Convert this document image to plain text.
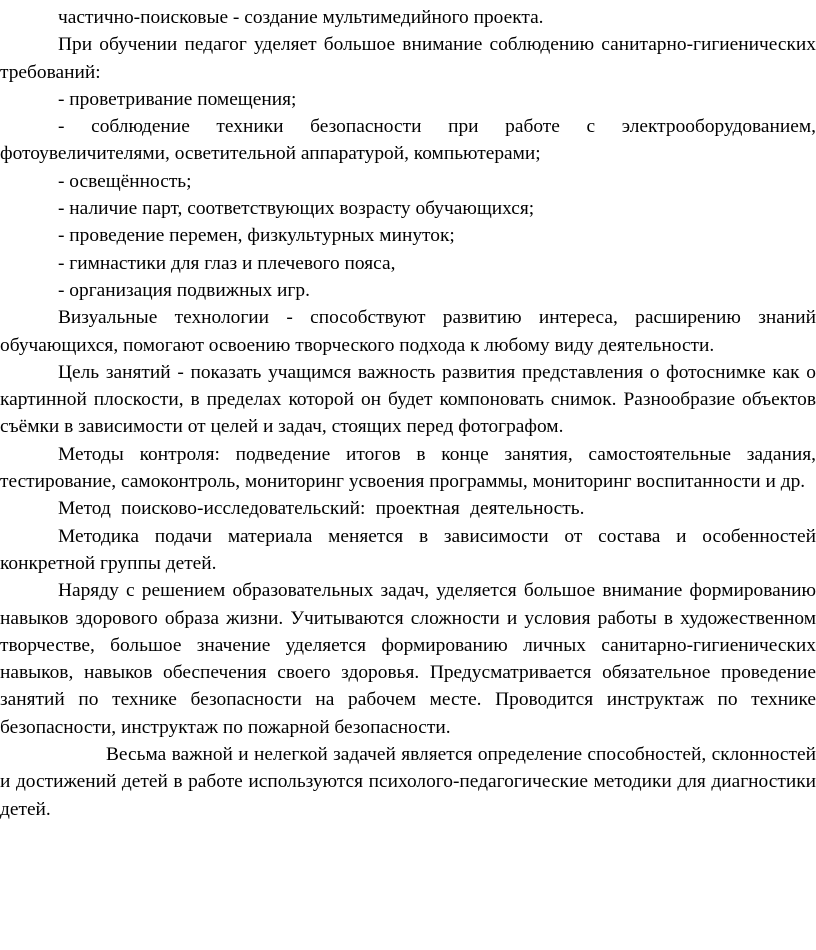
частично-поисковые - создание мультимедийного проекта.

При обучении педагог уделяет большое внимание соблюдению санитарно-гигиенических требований:

- проветривание помещения;

- соблюдение техники безопасности при работе с электрооборудованием, фотоувеличителями, осветительной аппаратурой, компьютерами;

- освещённость;

- наличие парт, соответствующих возрасту обучающихся;

- проведение перемен, физкультурных минуток;

- гимнастики для глаз и плечевого пояса,

- организация подвижных игр.

Визуальные технологии - способствуют развитию интереса, расширению знаний обучающихся, помогают освоению творческого подхода к любому виду деятельности.

Цель занятий - показать учащимся важность развития представления о фотоснимке как о картинной плоскости, в пределах которой он будет компоновать снимок. Разнообразие объектов съёмки в зависимости от целей и задач, стоящих перед фотографом.

Методы контроля: подведение итогов в конце занятия, самостоятельные задания, тестирование, самоконтроль, мониторинг усвоения программы, мониторинг воспитанности и др.

Метод поисково-исследовательский: проектная деятельность.

Методика подачи материала меняется в зависимости от состава и особенностей конкретной группы детей.

Наряду с решением образовательных задач, уделяется большое внимание формированию навыков здорового образа жизни. Учитываются сложности и условия работы в художественном творчестве, большое значение уделяется формированию личных санитарно-гигиенических навыков, навыков обеспечения своего здоровья. Предусматривается обязательное проведение занятий по технике безопасности на рабочем месте. Проводится инструктаж по технике безопасности, инструктаж по пожарной безопасности.

Весьма важной и нелегкой задачей является определение способностей, склонностей и достижений детей в работе используются психолого-педагогические методики для диагностики детей.
